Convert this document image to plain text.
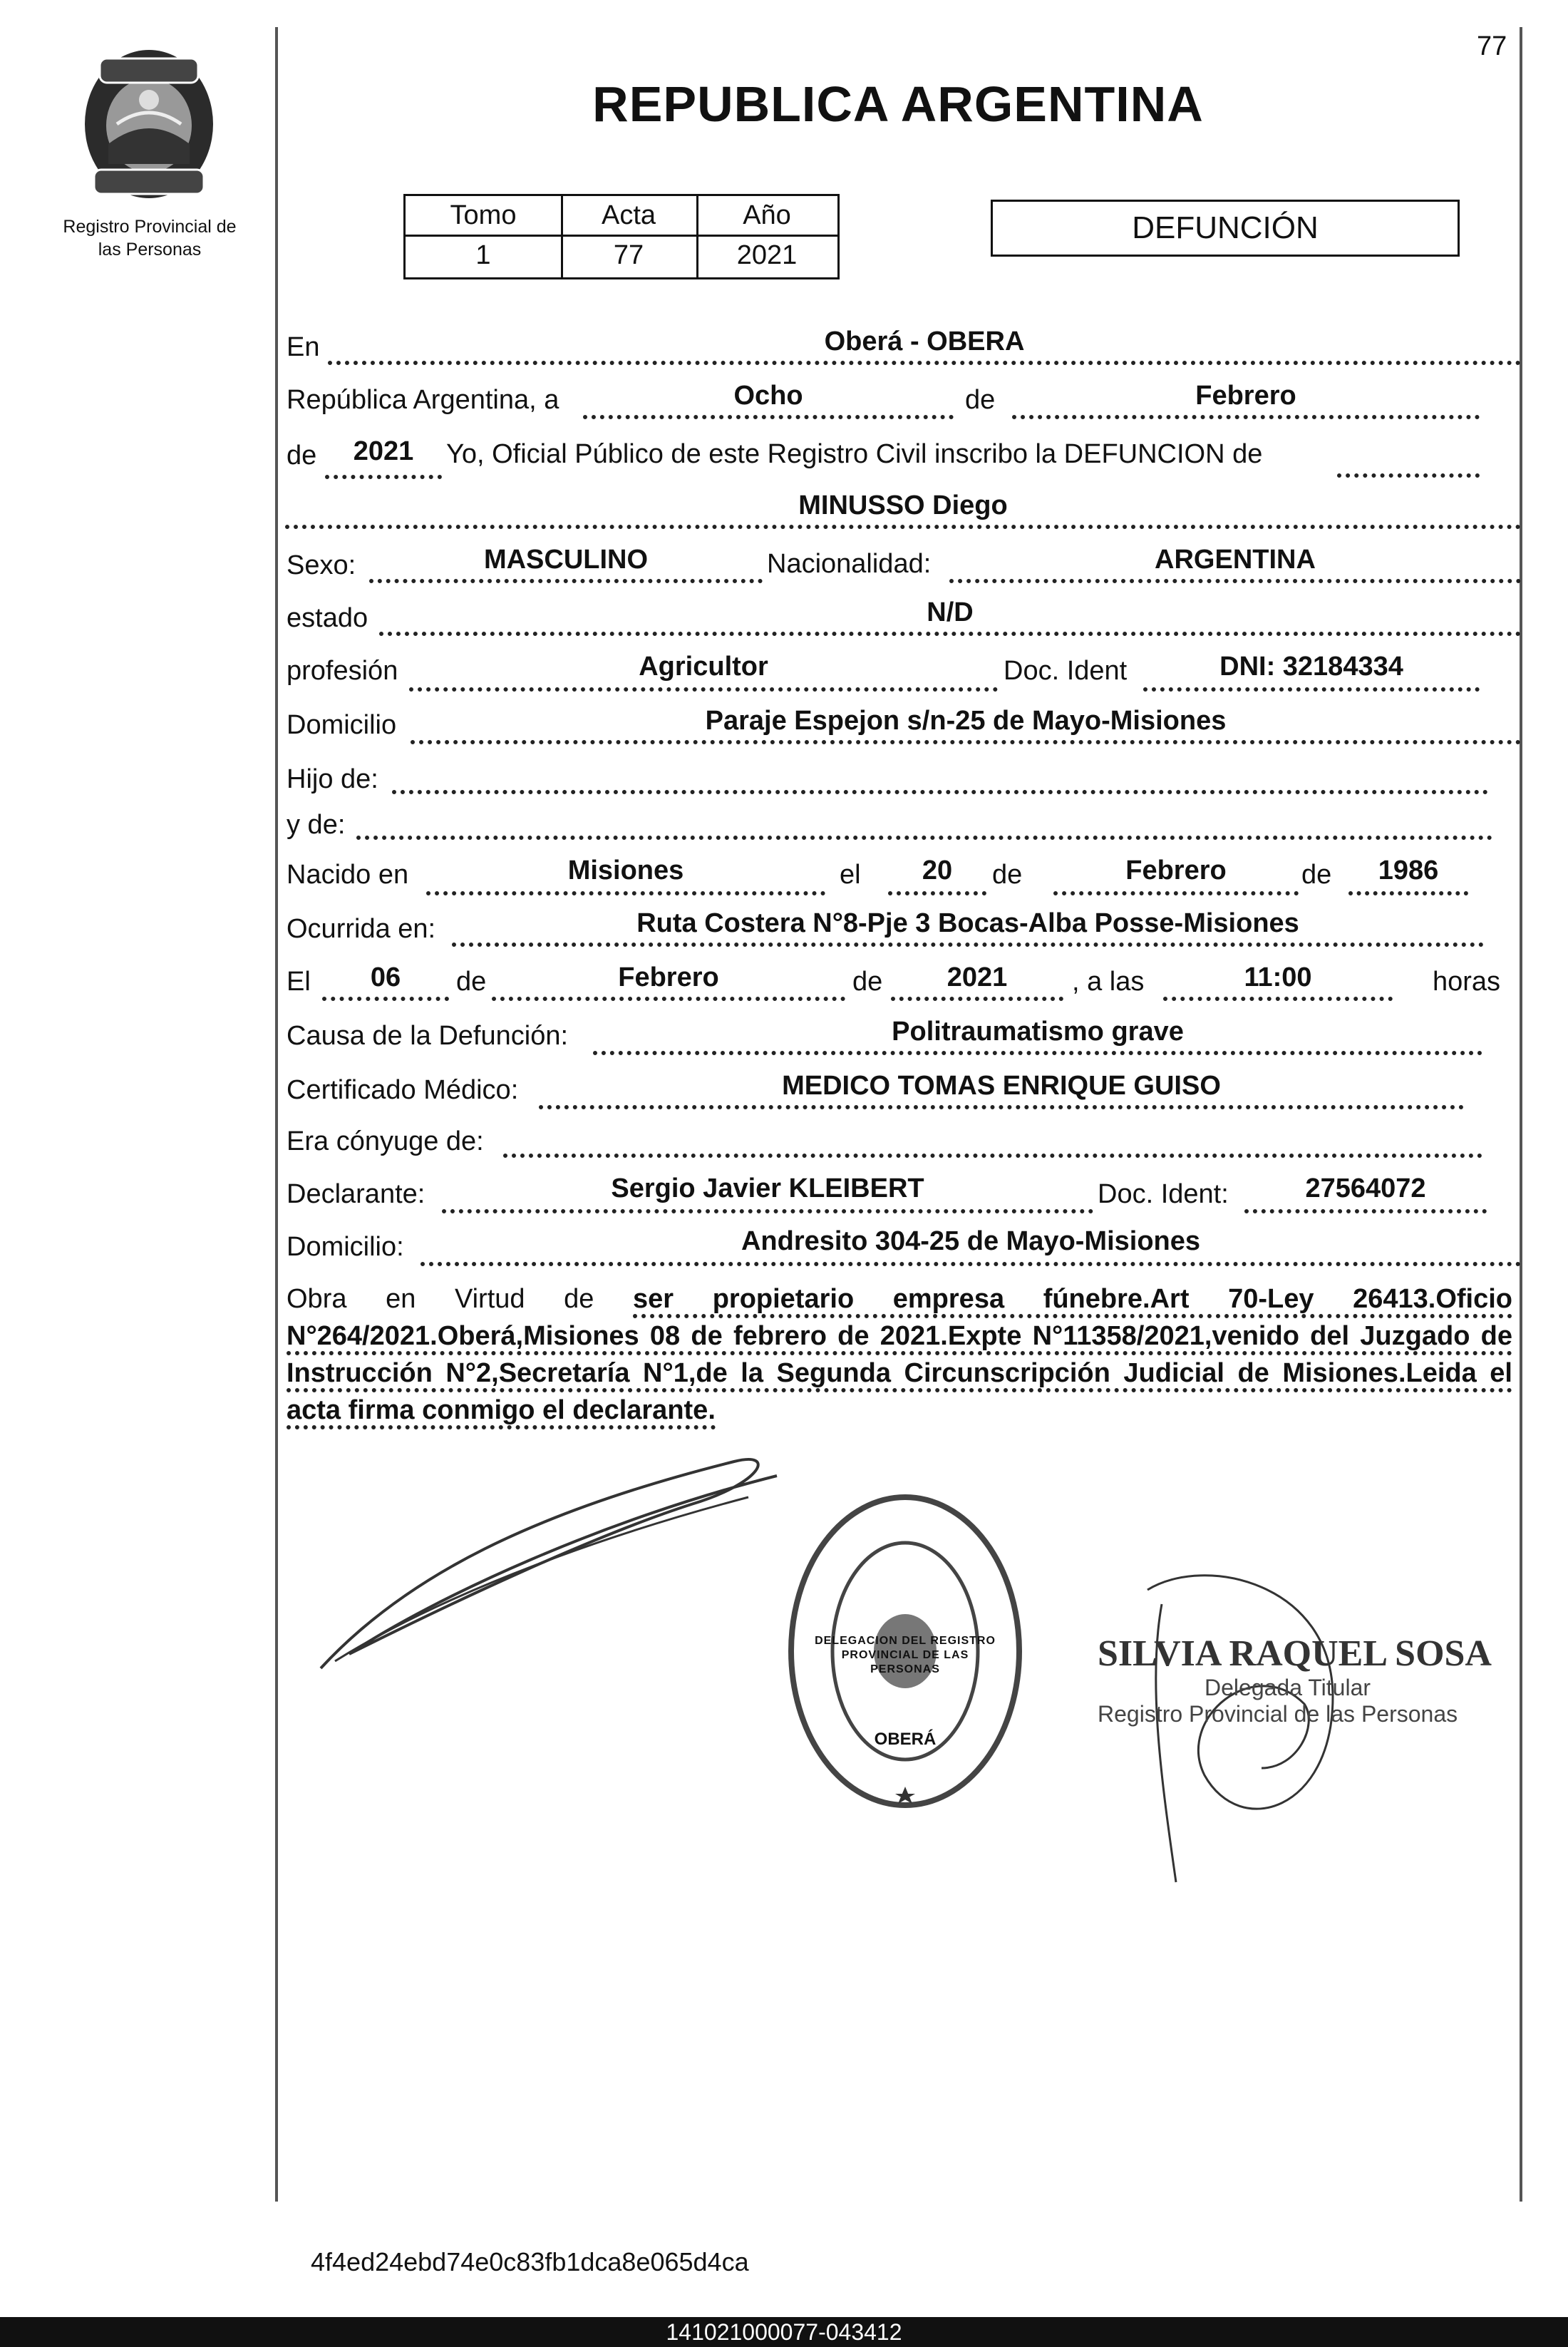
77
Registro Provincial de
las Personas
REPUBLICA ARGENTINA
Tomo	Acta	Año
1	77	2021
DEFUNCIÓN
En	Oberá - OBERA
República Argentina, a	Ocho	de	Febrero
de	2021	Yo, Oficial Público de este Registro Civil inscribo la DEFUNCION de
MINUSSO Diego
Sexo:	MASCULINO	Nacionalidad:	ARGENTINA
estado	N/D
profesión	Agricultor	Doc. Ident	DNI: 32184334
Domicilio	Paraje Espejon s/n-25 de Mayo-Misiones
Hijo de:
y de:
Nacido en	Misiones	el	20	de	Febrero	de	1986
Ocurrida en:	Ruta Costera N°8-Pje 3 Bocas-Alba Posse-Misiones
El	06	de	Febrero	de	2021	, a las	11:00	horas
Causa de la Defunción:	Politraumatismo grave
Certificado Médico:	MEDICO TOMAS ENRIQUE GUISO
Era cónyuge de:
Declarante:	Sergio Javier KLEIBERT	Doc. Ident:	27564072
Domicilio:	Andresito 304-25 de Mayo-Misiones
Obra en Virtud de ser propietario empresa fúnebre.Art 70-Ley 26413.Oficio N°264/2021.Oberá,Misiones 08 de febrero de 2021.Expte N°11358/2021,venido del Juzgado de Instrucción N°2,Secretaría N°1,de la Segunda Circunscripción Judicial de Misiones.Leida el acta firma conmigo el declarante.
DELEGACION DEL REGISTRO PROVINCIAL DE LAS PERSONAS
OBERÁ
SILVIA RAQUEL SOSA
Delegada Titular
Registro Provincial de las Personas
4f4ed24ebd74e0c83fb1dca8e065d4ca
141021000077-043412
